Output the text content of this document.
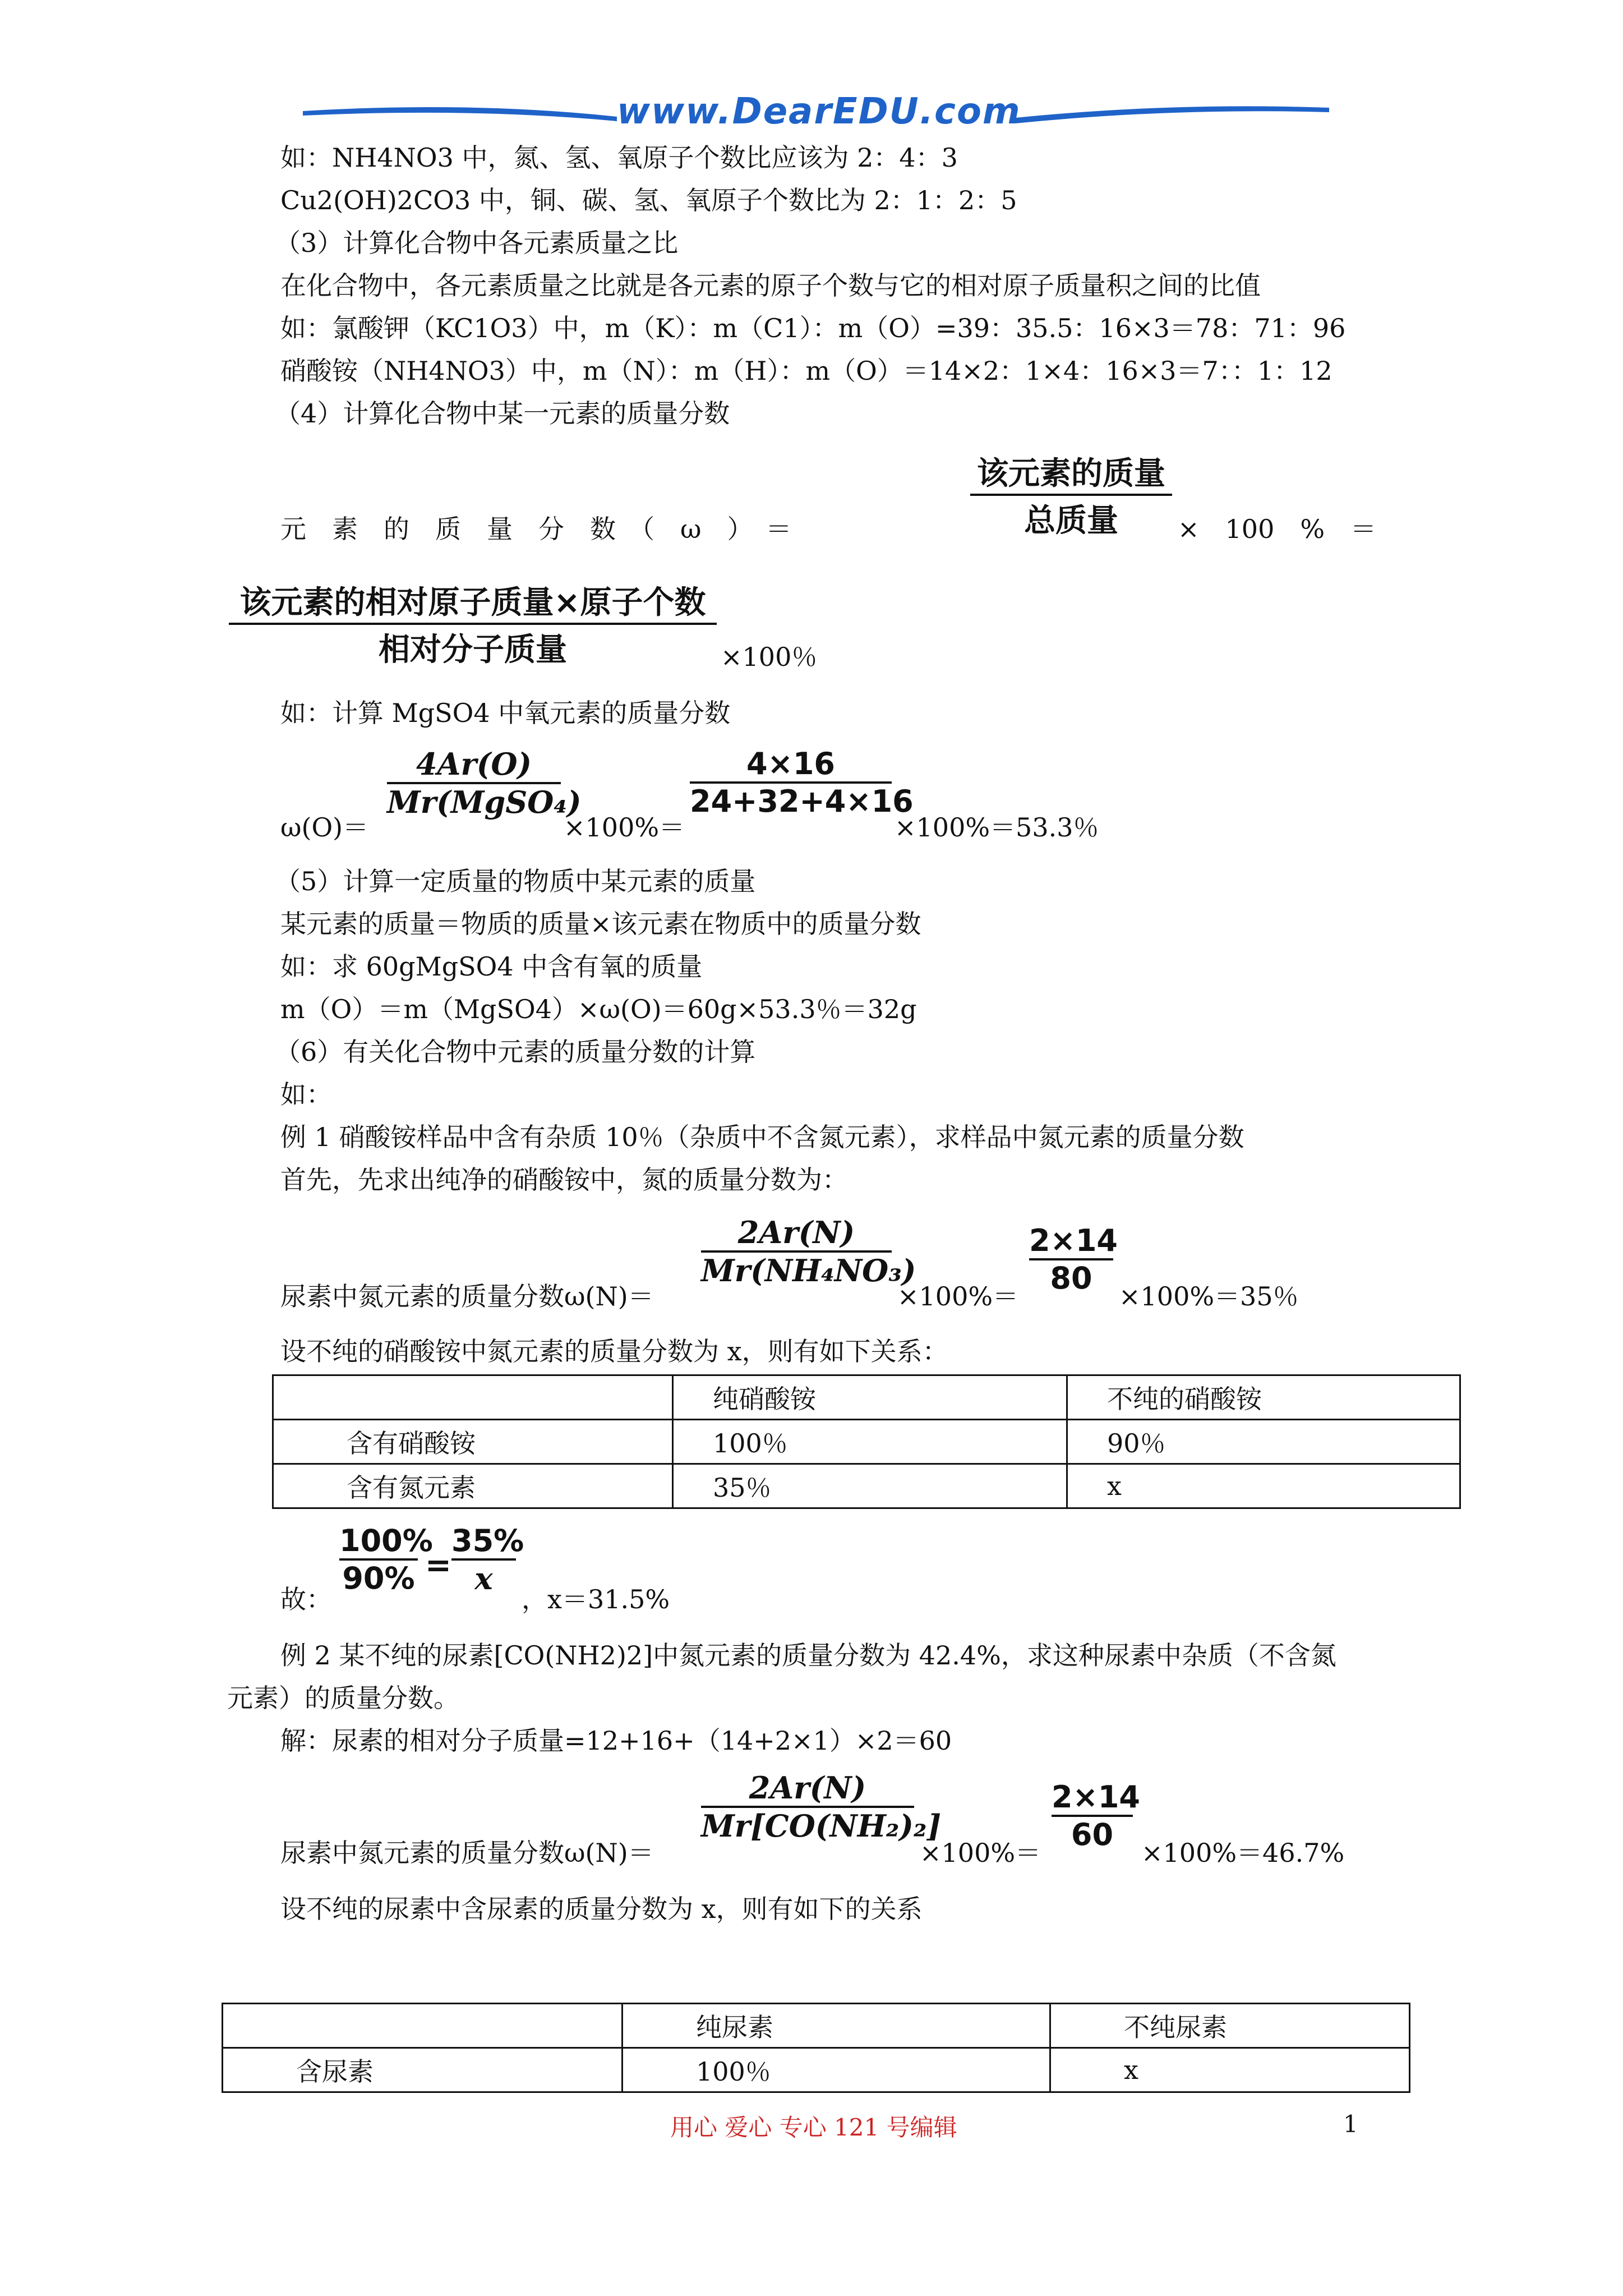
www.DearEDU.com
如：NH4NO3 中，氮、氢、氧原子个数比应该为 2：4：3
Cu2(OH)2CO3 中，铜、碳、氢、氧原子个数比为 2：1：2：5
（3）计算化合物中各元素质量之比
在化合物中，各元素质量之比就是各元素的原子个数与它的相对原子质量积之间的比值
如：氯酸钾（KC1O3）中，m（K）：m（C1）：m（O）=39：35.5：16×3＝78：71：96
硝酸铵（NH4NO3）中，m（N）：m（H）：m（O）＝14×2：1×4：16×3＝7：：1：12
（4）计算化合物中某一元素的质量分数
元　素　的　质　量　分　数　（　ω　）　＝
该元素的质量
总质量	×　100　%　＝
该元素的相对原子质量×原子个数
相对分子质量	×100％
如：计算 MgSO4 中氧元素的质量分数
ω(O)＝
4Ar(O)
Mr(MgSO₄)
×100%＝
4×16
24+32+4×16
×100%＝53.3％
（5）计算一定质量的物质中某元素的质量
某元素的质量＝物质的质量×该元素在物质中的质量分数
如：求 60gMgSO4 中含有氧的质量
m（O）＝m（MgSO4）×ω(O)＝60g×53.3％＝32g
（6）有关化合物中元素的质量分数的计算
如：
例 1 硝酸铵样品中含有杂质 10％（杂质中不含氮元素），求样品中氮元素的质量分数
首先，先求出纯净的硝酸铵中，氮的质量分数为：
尿素中氮元素的质量分数ω(N)＝
2Ar(N)
Mr(NH₄NO₃)
×100%＝
2×14
80
×100%＝35％
设不纯的硝酸铵中氮元素的质量分数为 x，则有如下关系：
	纯硝酸铵	不纯的硝酸铵
含有硝酸铵	100％	90％
含有氮元素	35％	x
故：
100%
90% =
35%
x
，x＝31.5%
例 2 某不纯的尿素[CO(NH2)2]中氮元素的质量分数为 42.4%，求这种尿素中杂质（不含氮
元素）的质量分数。
解：尿素的相对分子质量=12+16+（14+2×1）×2＝60
尿素中氮元素的质量分数ω(N)＝
2Ar(N)
Mr[CO(NH₂)₂]
×100%＝
2×14
60
×100%＝46.7%
设不纯的尿素中含尿素的质量分数为 x，则有如下的关系
	纯尿素	不纯尿素
含尿素	100％	x
用心 爱心 专心 121 号编辑	1
